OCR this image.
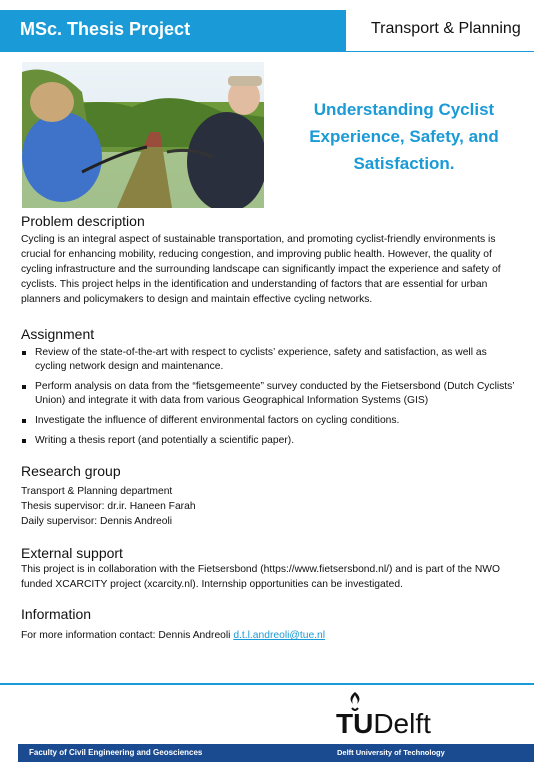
MSc. Thesis Project	Transport & Planning
Understanding Cyclist Experience, Safety, and Satisfaction.
Problem description
Cycling is an integral aspect of sustainable transportation, and promoting cyclist-friendly environments is crucial for enhancing mobility, reducing congestion, and improving public health. However, the quality of cycling infrastructure and the surrounding landscape can significantly impact the experience and safety of cyclists. This project helps in the identification and understanding of factors that are essential for urban planners and policymakers to design and maintain effective cycling networks.
Assignment
Review of the state-of-the-art with respect to cyclists’ experience, safety and satisfaction, as well as cycling network design and maintenance.
Perform analysis on data from the “fietsgemeente” survey conducted by the Fietsersbond (Dutch Cyclists’ Union) and integrate it with data from various Geographical Information Systems (GIS)
Investigate the influence of different environmental factors on cycling conditions.
Writing a thesis report (and potentially a scientific paper).
Research group
Transport & Planning department
Thesis supervisor: dr.ir. Haneen Farah
Daily supervisor: Dennis Andreoli
External support
This project is in collaboration with the Fietsersbond (https://www.fietsersbond.nl/) and is part of the NWO funded XCARCITY project (xcarcity.nl). Internship opportunities can be investigated.
Information
For more information contact: Dennis Andreoli d.t.l.andreoli@tue.nl
TUDelft
Faculty of Civil Engineering and Geosciences	Delft University of Technology
